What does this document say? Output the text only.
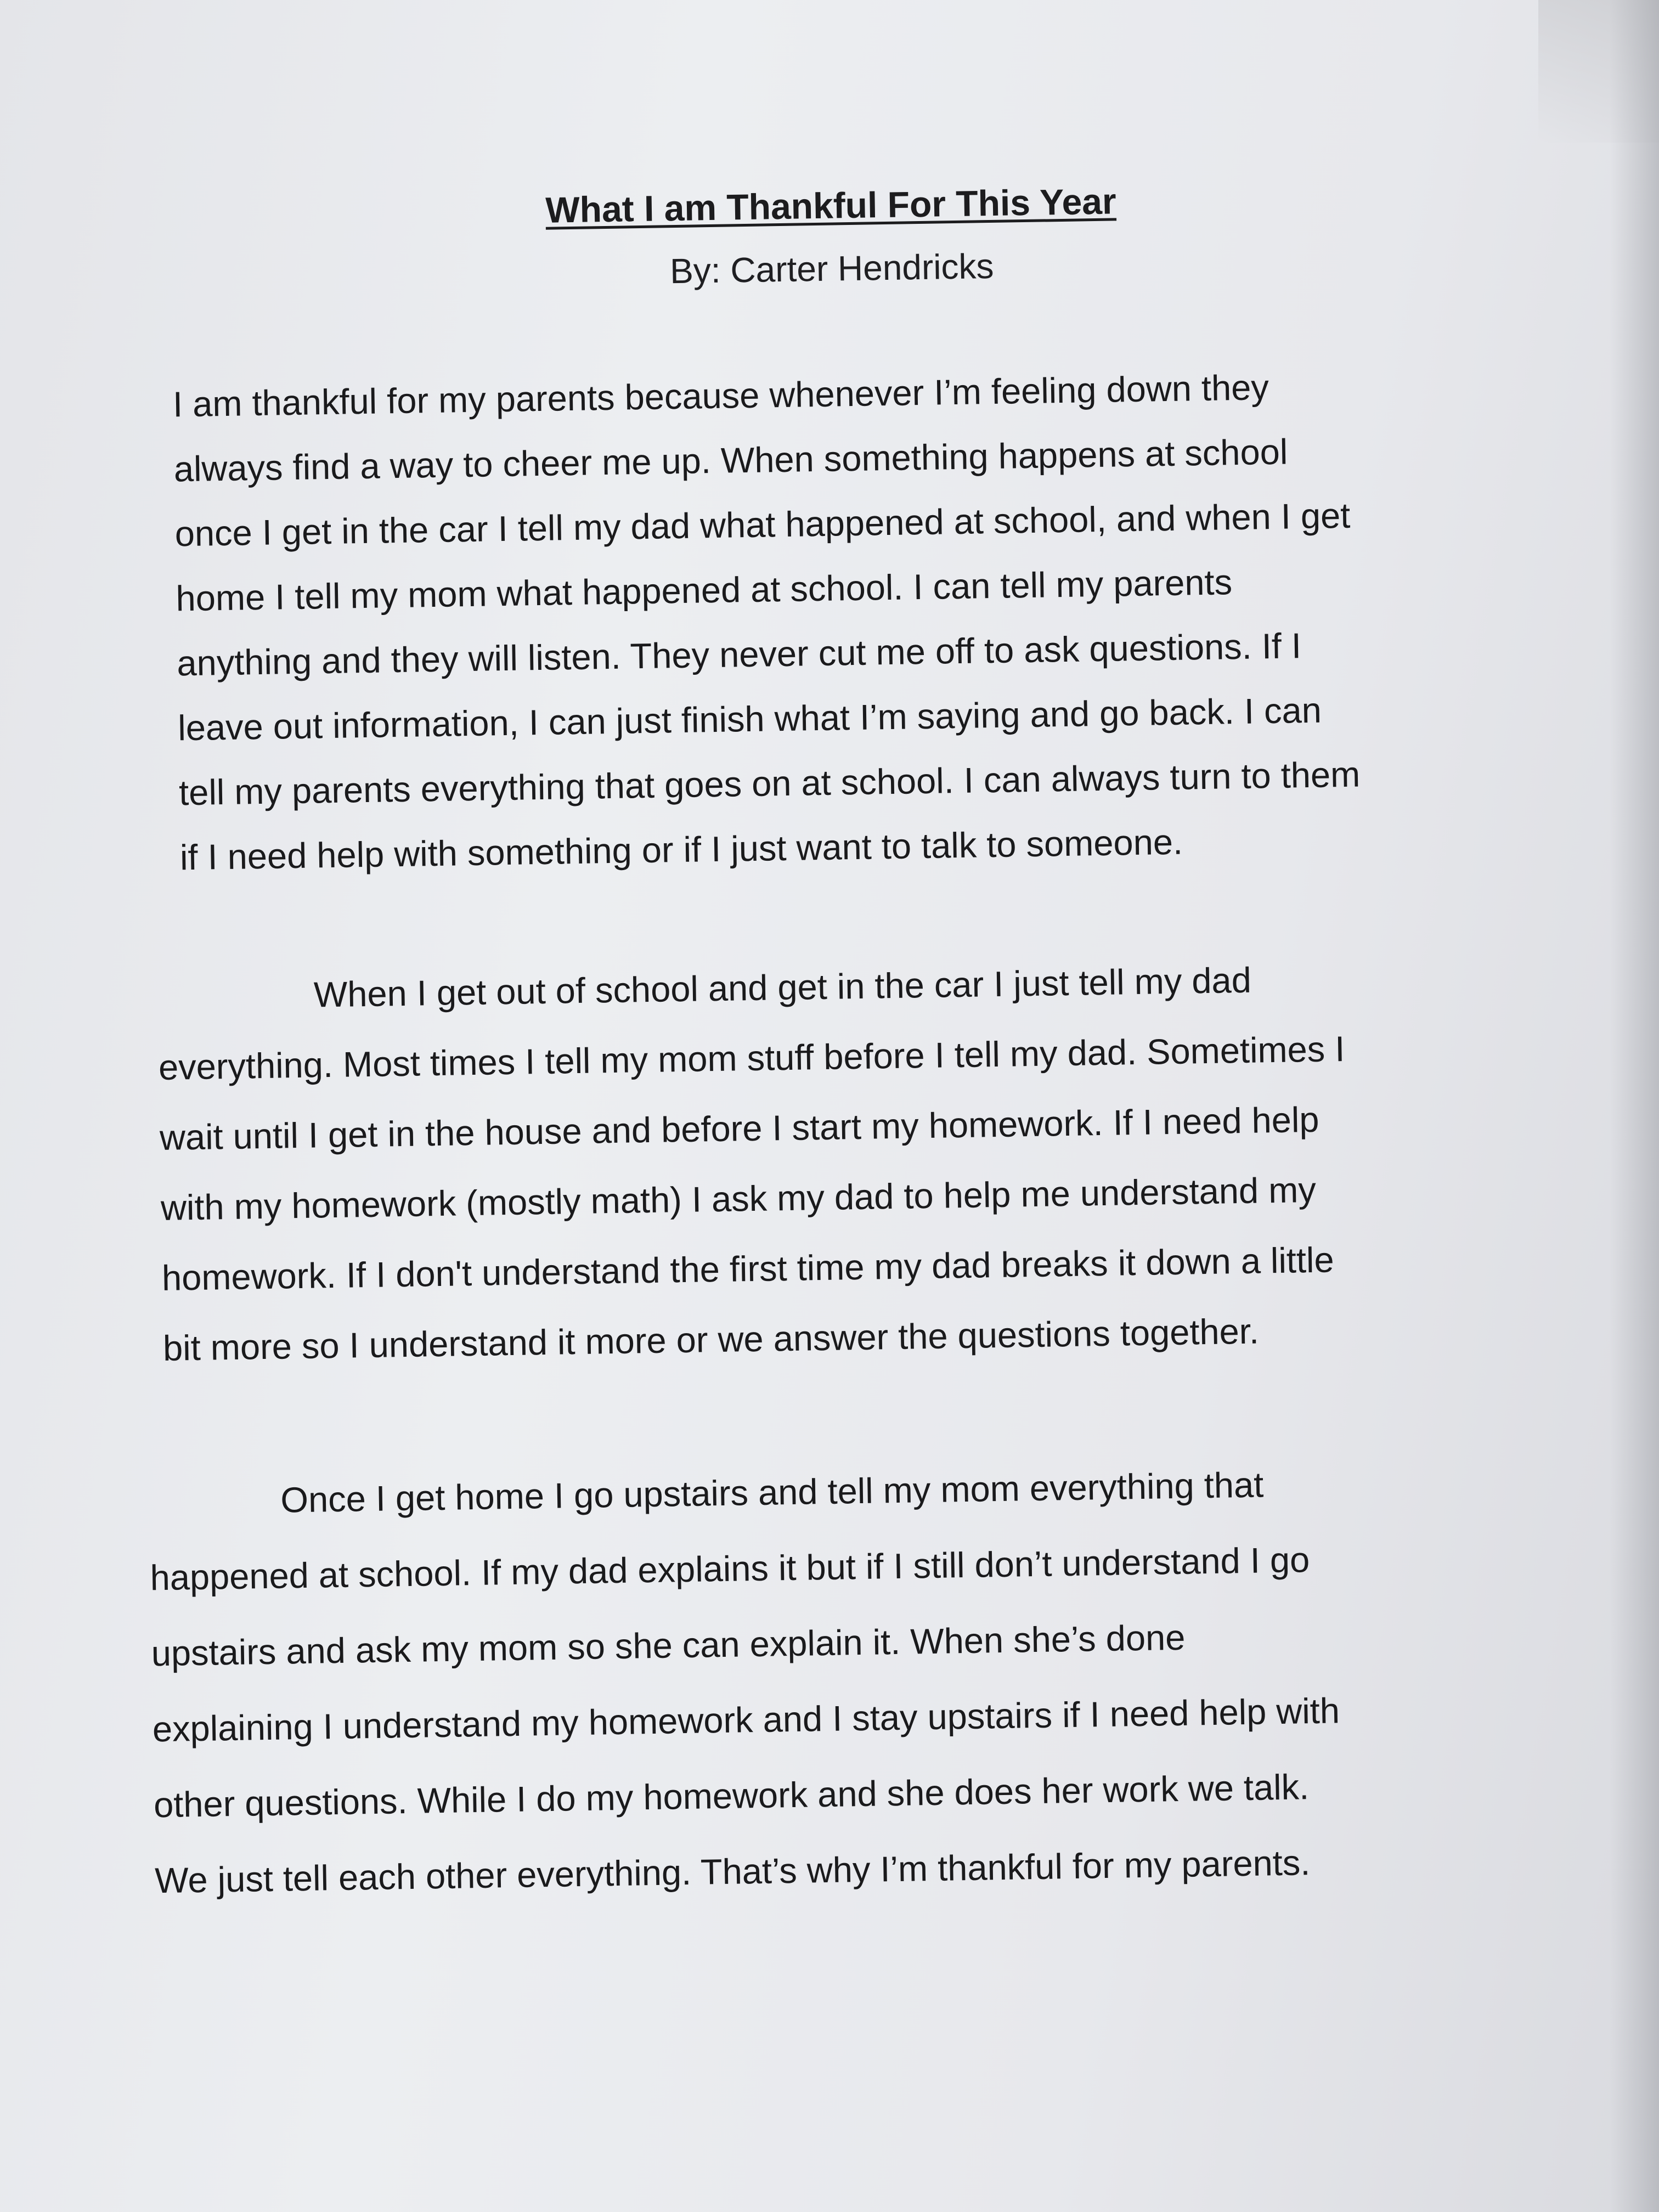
What I am Thankful For This Year
By: Carter Hendricks
I am thankful for my parents because whenever I’m feeling down they
always find a way to cheer me up. When something happens at school
once I get in the car I tell my dad what happened at school, and when I get
home I tell my mom what happened at school. I can tell my parents
anything and they will listen. They never cut me off to ask questions. If I
leave out information, I can just finish what I’m saying and go back. I can
tell my parents everything that goes on at school. I can always turn to them
if I need help with something or if I just want to talk to someone.
When I get out of school and get in the car I just tell my dad
everything. Most times I tell my mom stuff before I tell my dad. Sometimes I
wait until I get in the house and before I start my homework. If I need help
with my homework (mostly math) I ask my dad to help me understand my
homework. If I don't understand the first time my dad breaks it down a little
bit more so I understand it more or we answer the questions together.
Once I get home I go upstairs and tell my mom everything that
happened at school. If my dad explains it but if I still don’t understand I go
upstairs and ask my mom so she can explain it. When she’s done
explaining I understand my homework and I stay upstairs if I need help with
other questions. While I do my homework and she does her work we talk.
We just tell each other everything. That’s why I’m thankful for my parents.
